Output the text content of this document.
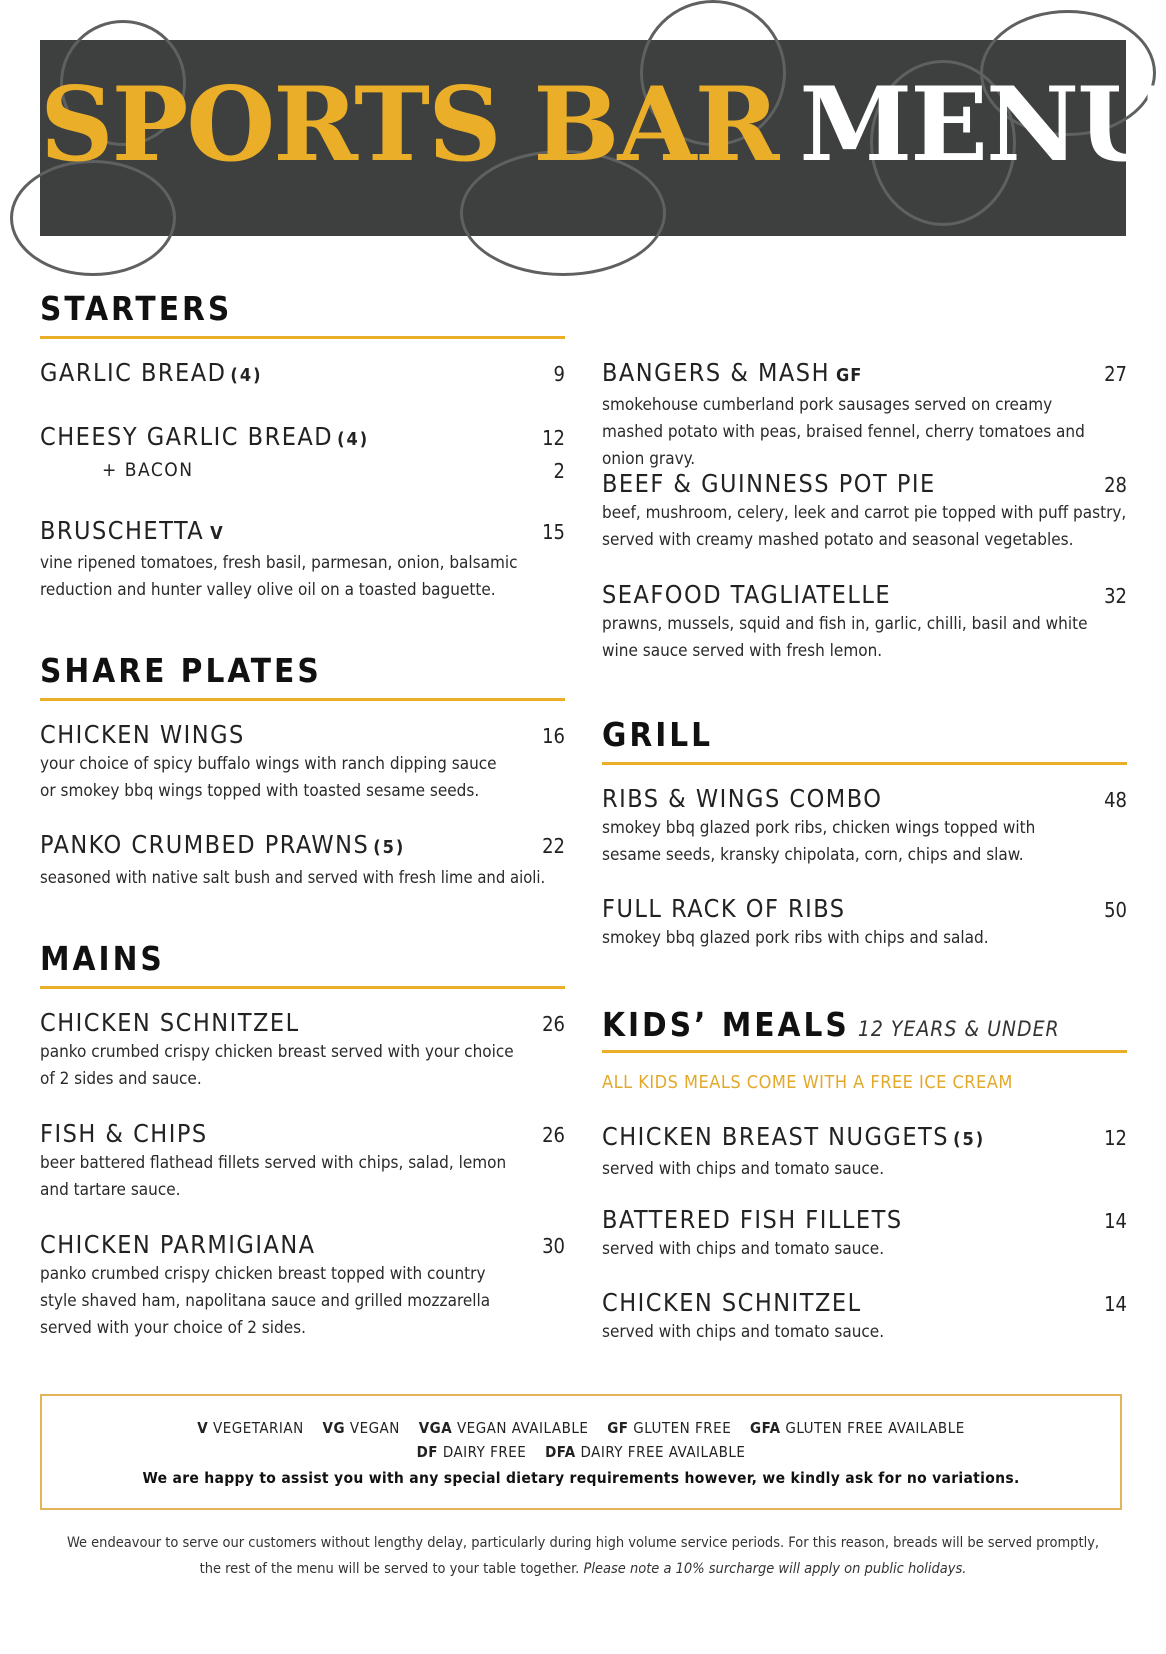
SPORTS BAR MENU
STARTERS
GARLIC BREAD (4)	9
CHEESY GARLIC BREAD (4)	12
+ BACON	2
BRUSCHETTA V	15
vine ripened tomatoes, fresh basil, parmesan, onion, balsamic reduction and hunter valley olive oil on a toasted baguette.
SHARE PLATES
CHICKEN WINGS	16
your choice of spicy buffalo wings with ranch dipping sauce or smokey bbq wings topped with toasted sesame seeds.
PANKO CRUMBED PRAWNS (5)	22
seasoned with native salt bush and served with fresh lime and aioli.
MAINS
CHICKEN SCHNITZEL	26
panko crumbed crispy chicken breast served with your choice of 2 sides and sauce.
FISH & CHIPS	26
beer battered flathead fillets served with chips, salad, lemon and tartare sauce.
CHICKEN PARMIGIANA	30
panko crumbed crispy chicken breast topped with country style shaved ham, napolitana sauce and grilled mozzarella served with your choice of 2 sides.
BANGERS & MASH GF	27
smokehouse cumberland pork sausages served on creamy mashed potato with peas, braised fennel, cherry tomatoes and onion gravy.
BEEF & GUINNESS POT PIE	28
beef, mushroom, celery, leek and carrot pie topped with puff pastry, served with creamy mashed potato and seasonal vegetables.
SEAFOOD TAGLIATELLE	32
prawns, mussels, squid and fish in, garlic, chilli, basil and white wine sauce served with fresh lemon.
GRILL
RIBS & WINGS COMBO	48
smokey bbq glazed pork ribs, chicken wings topped with sesame seeds, kransky chipolata, corn, chips and slaw.
FULL RACK OF RIBS	50
smokey bbq glazed pork ribs with chips and salad.
KIDS’ MEALS 12 YEARS & UNDER
ALL KIDS MEALS COME WITH A FREE ICE CREAM
CHICKEN BREAST NUGGETS (5)	12
served with chips and tomato sauce.
BATTERED FISH FILLETS	14
served with chips and tomato sauce.
CHICKEN SCHNITZEL	14
served with chips and tomato sauce.
V VEGETARIAN VG VEGAN VGA VEGAN AVAILABLE GF GLUTEN FREE GFA GLUTEN FREE AVAILABLE
DF DAIRY FREE DFA DAIRY FREE AVAILABLE
We are happy to assist you with any special dietary requirements however, we kindly ask for no variations.
We endeavour to serve our customers without lengthy delay, particularly during high volume service periods. For this reason, breads will be served promptly,
the rest of the menu will be served to your table together. Please note a 10% surcharge will apply on public holidays.
